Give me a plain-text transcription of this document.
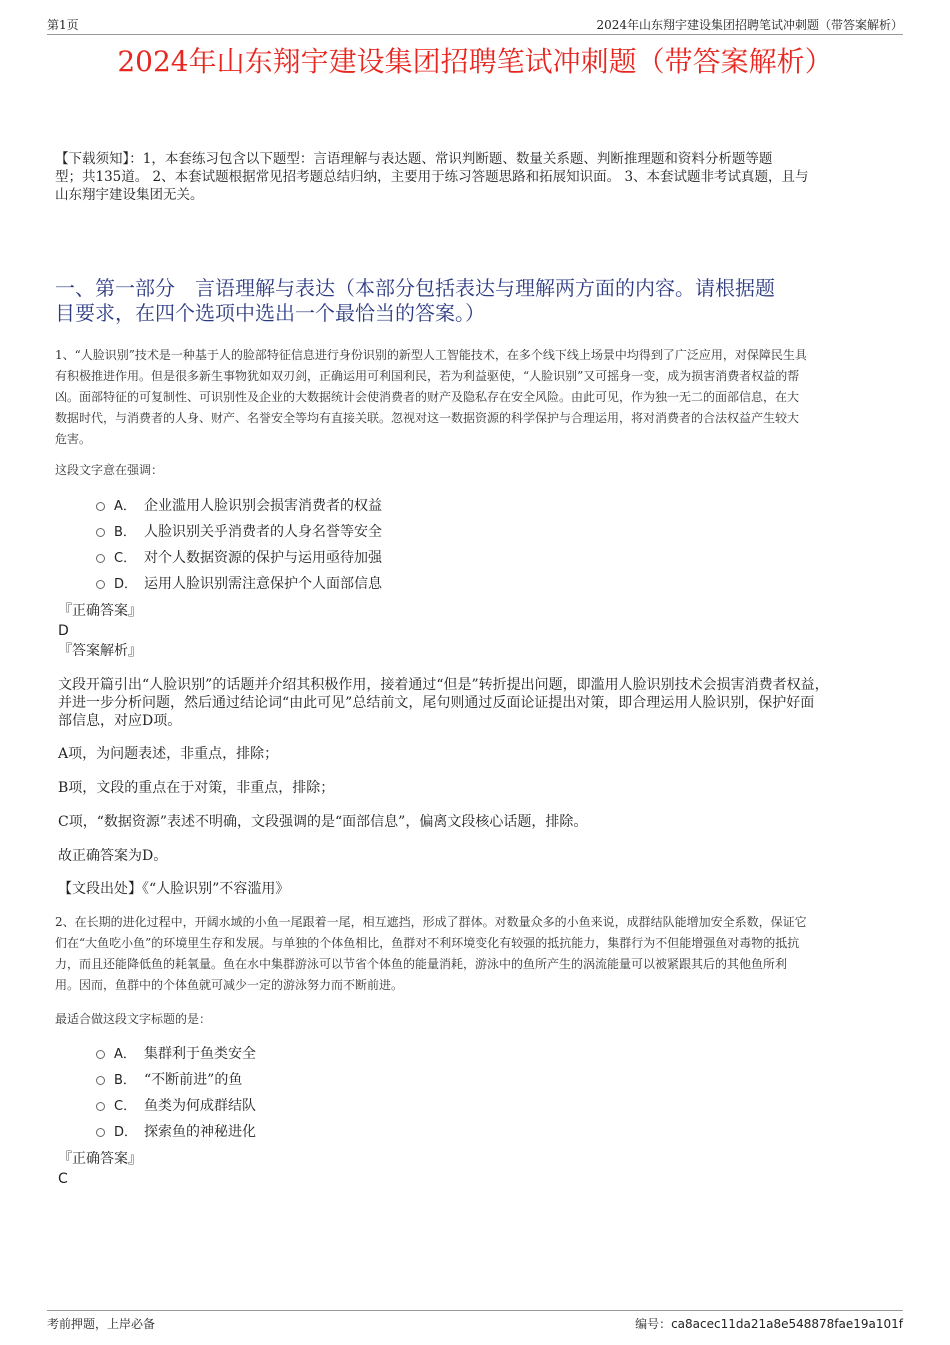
第1页	2024年山东翔宇建设集团招聘笔试冲刺题（带答案解析）
2024年山东翔宇建设集团招聘笔试冲刺题（带答案解析）
【下载须知】：1，本套练习包含以下题型：言语理解与表达题、常识判断题、数量关系题、判断推理题和资料分析题等题
型；共135道。 2、本套试题根据常见招考题总结归纳，主要用于练习答题思路和拓展知识面。 3、本套试题非考试真题，且与
山东翔宇建设集团无关。
一、第一部分　言语理解与表达（本部分包括表达与理解两方面的内容。请根据题
目要求，在四个选项中选出一个最恰当的答案。）
1、“人脸识别”技术是一种基于人的脸部特征信息进行身份识别的新型人工智能技术，在多个线下线上场景中均得到了广泛应用，对保障民生具
有积极推进作用。但是很多新生事物犹如双刃剑，正确运用可利国利民，若为利益驱使，“人脸识别”又可摇身一变，成为损害消费者权益的帮
凶。面部特征的可复制性、可识别性及企业的大数据统计会使消费者的财产及隐私存在安全风险。由此可见，作为独一无二的面部信息，在大
数据时代，与消费者的人身、财产、名誉安全等均有直接关联。忽视对这一数据资源的科学保护与合理运用，将对消费者的合法权益产生较大
危害。
这段文字意在强调：
A． 企业滥用人脸识别会损害消费者的权益
B． 人脸识别关乎消费者的人身名誉等安全
C． 对个人数据资源的保护与运用亟待加强
D． 运用人脸识别需注意保护个人面部信息
『正确答案』
D
『答案解析』
文段开篇引出“人脸识别”的话题并介绍其积极作用，接着通过“但是”转折提出问题，即滥用人脸识别技术会损害消费者权益，
并进一步分析问题，然后通过结论词“由此可见”总结前文，尾句则通过反面论证提出对策，即合理运用人脸识别，保护好面
部信息，对应D项。
A项，为问题表述，非重点，排除；
B项，文段的重点在于对策，非重点，排除；
C项，“数据资源”表述不明确，文段强调的是“面部信息”，偏离文段核心话题，排除。
故正确答案为D。
【文段出处】《“人脸识别”不容滥用》
2、在长期的进化过程中，开阔水域的小鱼一尾跟着一尾，相互遮挡，形成了群体。对数量众多的小鱼来说，成群结队能增加安全系数，保证它
们在“大鱼吃小鱼”的环境里生存和发展。与单独的个体鱼相比，鱼群对不利环境变化有较强的抵抗能力，集群行为不但能增强鱼对毒物的抵抗
力，而且还能降低鱼的耗氧量。鱼在水中集群游泳可以节省个体鱼的能量消耗，游泳中的鱼所产生的涡流能量可以被紧跟其后的其他鱼所利
用。因而，鱼群中的个体鱼就可减少一定的游泳努力而不断前进。
最适合做这段文字标题的是：
A． 集群利于鱼类安全
B． “不断前进”的鱼
C． 鱼类为何成群结队
D． 探索鱼的神秘进化
『正确答案』
C
考前押题，上岸必备	编号：ca8acec11da21a8e548878fae19a101f
